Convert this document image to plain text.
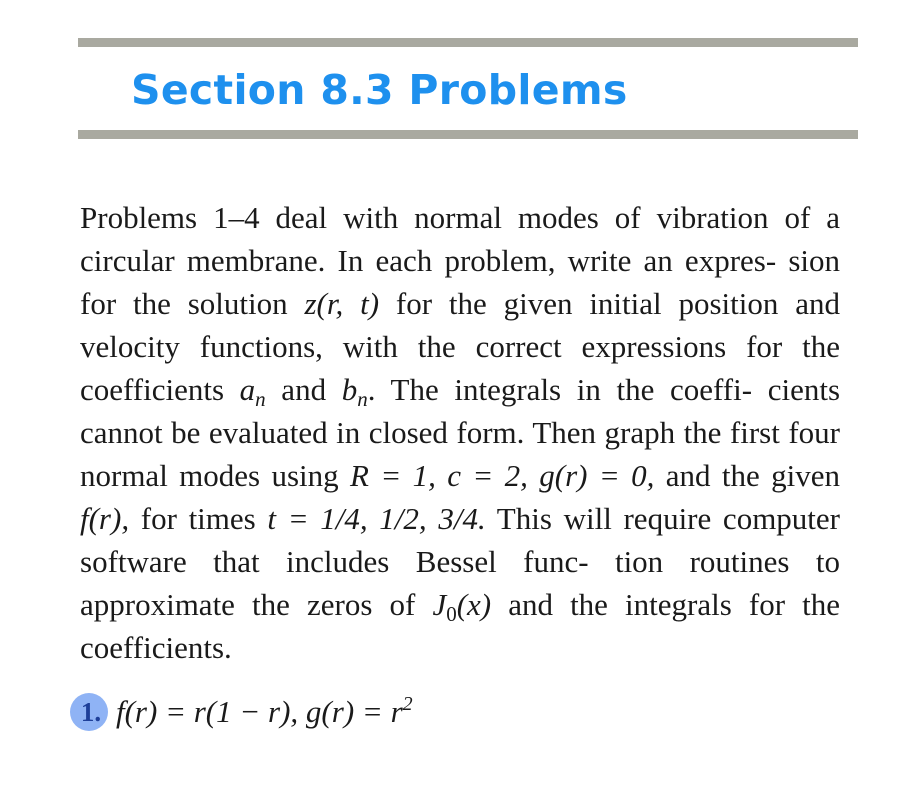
Section 8.3 Problems

Problems 1–4 deal with normal modes of vibration of a circular membrane. In each problem, write an expres- sion for the solution z(r, t) for the given initial position and velocity functions, with the correct expressions for the coefficients $a_n$ and $b_n$. The integrals in the coeffi- cients cannot be evaluated in closed form. Then graph the first four normal modes using R = 1, c = 2, g(r) = 0, and the given f(r), for times t = 1/4, 1/2, 3/4. This will require computer software that includes Bessel func- tion routines to approximate the zeros of $J_0(x)$ and the integrals for the coefficients.

1. f(r) = r(1 − r), $g(r) = r^2$
